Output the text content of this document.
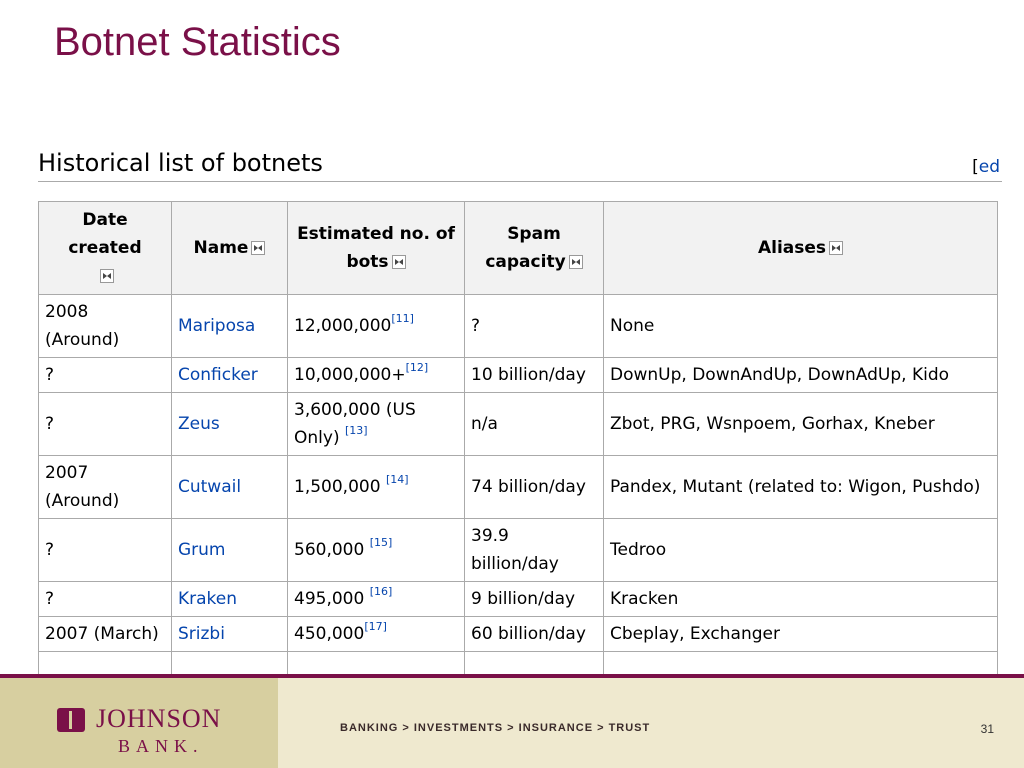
Botnet Statistics
Historical list of botnets	[ed
Date created	Name	Estimated no. of bots	Spam capacity	Aliases
2008 (Around)	Mariposa	12,000,000[11]	?	None
?	Conficker	10,000,000+[12]	10 billion/day	DownUp, DownAndUp, DownAdUp, Kido
?	Zeus	3,600,000 (US Only) [13]	n/a	Zbot, PRG, Wsnpoem, Gorhax, Kneber
2007 (Around)	Cutwail	1,500,000 [14]	74 billion/day	Pandex, Mutant (related to: Wigon, Pushdo)
?	Grum	560,000 [15]	39.9 billion/day	Tedroo
?	Kraken	495,000 [16]	9 billion/day	Kracken
2007 (March)	Srizbi	450,000[17]	60 billion/day	Cbeplay, Exchanger

JOHNSON
BANK.
BANKING > INVESTMENTS > INSURANCE > TRUST	31
